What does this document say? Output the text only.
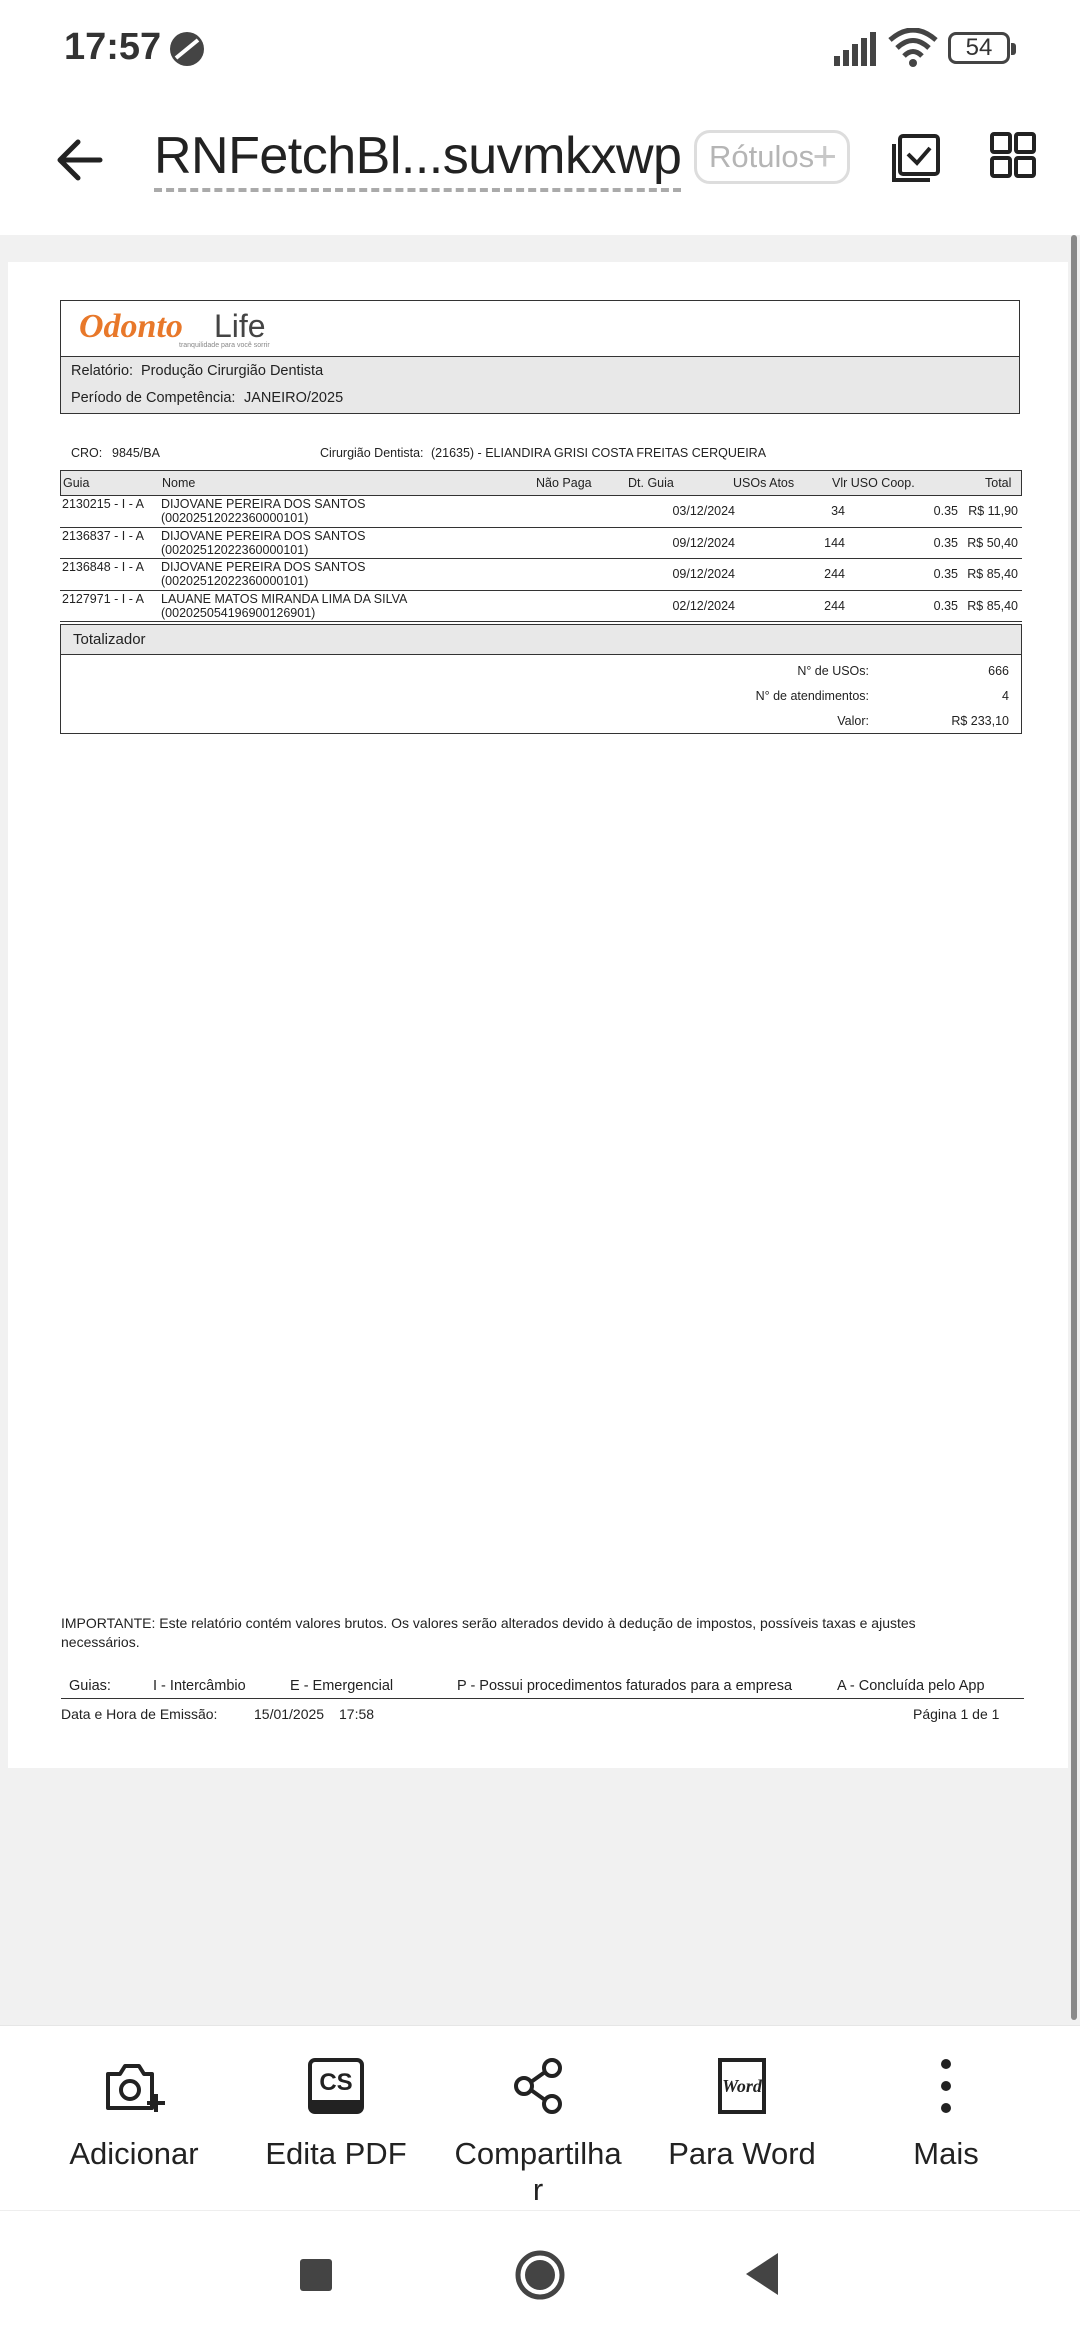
17:57	54
RNFetchBl...suvmkxwp Rótulos
+
Odonto Life
tranquilidade para você sorrir
Relatório: Produção Cirurgião Dentista
Período de Competência: JANEIRO/2025
CRO: 9845/BA	Cirurgião Dentista: (21635) - ELIANDIRA GRISI COSTA FREITAS CERQUEIRA
Guia	Nome	Não Paga	Dt. Guia	USOs Atos	Vlr USO Coop.	Total
2130215 - I - A DIJOVANE PEREIRA DOS SANTOS
(00202512022360000101)	03/12/2024	34	0.35 R$ 11,90
2136837 - I - A DIJOVANE PEREIRA DOS SANTOS
(00202512022360000101)	09/12/2024	144	0.35 R$ 50,40
2136848 - I - A DIJOVANE PEREIRA DOS SANTOS
(00202512022360000101)	09/12/2024	244	0.35 R$ 85,40
2127971 - I - A LAUANE MATOS MIRANDA LIMA DA SILVA
(00202505419690012690​1)	02/12/2024	244	0.35 R$ 85,40
Totalizador
N° de USOs:	666
N° de atendimentos:	4
Valor:	R$ 233,10
IMPORTANTE: Este relatório contém valores brutos. Os valores serão alterados devido à dedução de impostos, possíveis taxas e ajustes necessários.
Guias:	I - Intercâmbio	E - Emergencial	P - Possui procedimentos faturados para a empresa	A - Concluída pelo App
Data e Hora de Emissão:	15/01/2025 17:58	Página 1 de 1
Adicionar
CS
Edita PDF	Compartilha
r
Word
Para Word	Mais
